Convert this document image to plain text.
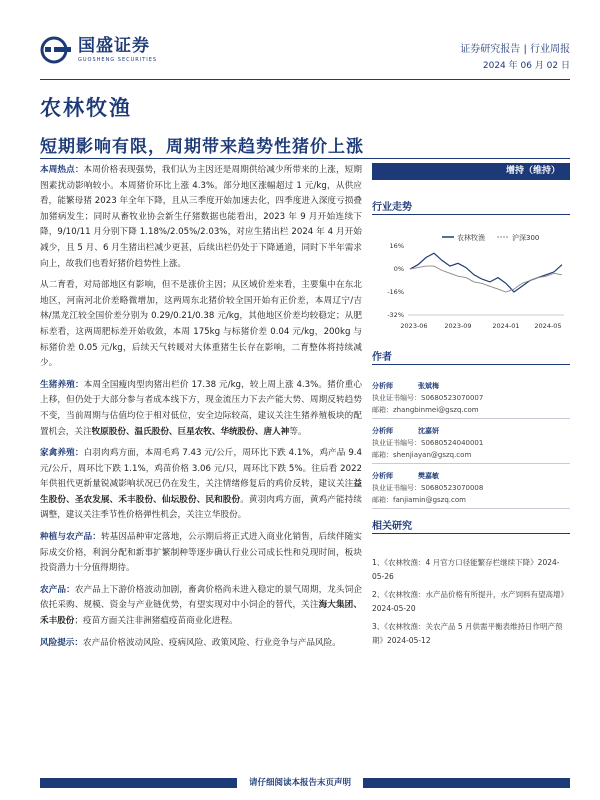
国盛证券
GUOSHENG SECURITIES
证券研究报告 | 行业周报
2024 年 06 月 02 日
农林牧渔
短期影响有限，周期带来趋势性猪价上涨
增持（维持）

本周热点：本周价格表现强势，我们认为主因还是周期供给减少所带来的上涨，短期图素扰动影响较小。本周猪价环比上涨 4.3%。部分地区涨幅超过 1 元/kg，从供应看，能繁母猪 2023 年全年下降，且从三季度开始加速去化，四季度进入深度亏损叠加猪病发生；同时从畜牧业协会新生仔猪数据也能看出，2023 年 9 月开始连续下降，9/10/11 月分别下降 1.18%/2.05%/2.03%，对应生猪出栏 2024 年 4 月开始减少，且 5 月、6 月生猪出栏减少更甚，后续出栏仍处于下降通道，同时下半年需求向上，故我们也看好猪价趋势性上涨。

从二育看，对局部地区有影响，但不是涨价主因；从区域价差来看，主要集中在东北地区，河南河北价差略微增加，这两周东北猪价较全国开始有正价差，本周辽宁/吉林/黑龙江较全国价差分别为 0.29/0.21/0.38 元/kg，其他地区价差均较稳定；从肥标差看，这两周肥标差开始收敛，本周 175kg 与标猪价差 0.04 元/kg，200kg 与标猪价差 0.05 元/kg，后续天气转暖对大体重猪生长存在影响，二育整体将持续减少。

生猪养殖：本周全国瘦肉型肉猪出栏价 17.38 元/kg，较上周上涨 4.3%。猪价重心上移，但仍处于大部分参与者成本线下方，现金流压力下去产能大势、周期反转趋势不变，当前周期与估值均位于相对低位，安全边际较高，建议关注生猪养殖板块的配置机会，关注牧原股份、温氏股份、巨星农牧、华统股份、唐人神等。

家禽养殖：白羽肉鸡方面，本周毛鸡 7.43 元/公斤，周环比下跌 4.1%，鸡产品 9.4 元/公斤，周环比下跌 1.1%，鸡苗价格 3.06 元/只，周环比下跌 5%。往后看 2022 年供祖代更新量锐减影响状况已仍在发生，关注情绪修复后的鸡价反转，建议关注益生股份、圣农发展、禾丰股份、仙坛股份、民和股份。黄羽肉鸡方面，黄鸡产能持续调整，建议关注季节性价格弹性机会，关注立华股份。

种植与农产品：转基因品种审定落地，公示期后将正式进入商业化销售，后续伴随实际成交价格，利润分配和新事扩繁制种等逐步确认行业公司成长性和兑现时间，板块投资潜力十分值得期待。

农产品：农产品上下游价格波动加剧，畜禽价格尚未进入稳定的景气周期，龙头饲企依托采购、规模、资金与产业链优势，有望实现对中小饲企的替代，关注海大集团、禾丰股份；疫苗方面关注非洲猪瘟疫苗商业化进程。

风险提示：农产品价格波动风险、疫病风险、政策风险、行业竞争与产品风险。

行业走势
农林牧渔	沪深300
16%
0%
-16%
-32%
2023-06	2023-09	2024-01 2024-05
作者
分析师	张斌梅
执业证书编号： S0680523070007
邮箱： zhangbinmei@gszq.com
分析师	沈嘉妍
执业证书编号： S0680524040001
邮箱： shenjiayan@gszq.com
分析师	樊嘉敏
执业证书编号： S0680523070008
邮箱： fanjiamin@gszq.com
相关研究
1、《农林牧渔：4 月官方口径能繁存栏继续下降》2024-05-26
2、《农林牧渔：水产品价格有所提升，水产饲料有望高增》2024-05-20
3、《农林牧渔：关农产品 5 月供需平衡表维持日作明产预期》2024-05-12
请仔细阅读本报告末页声明
